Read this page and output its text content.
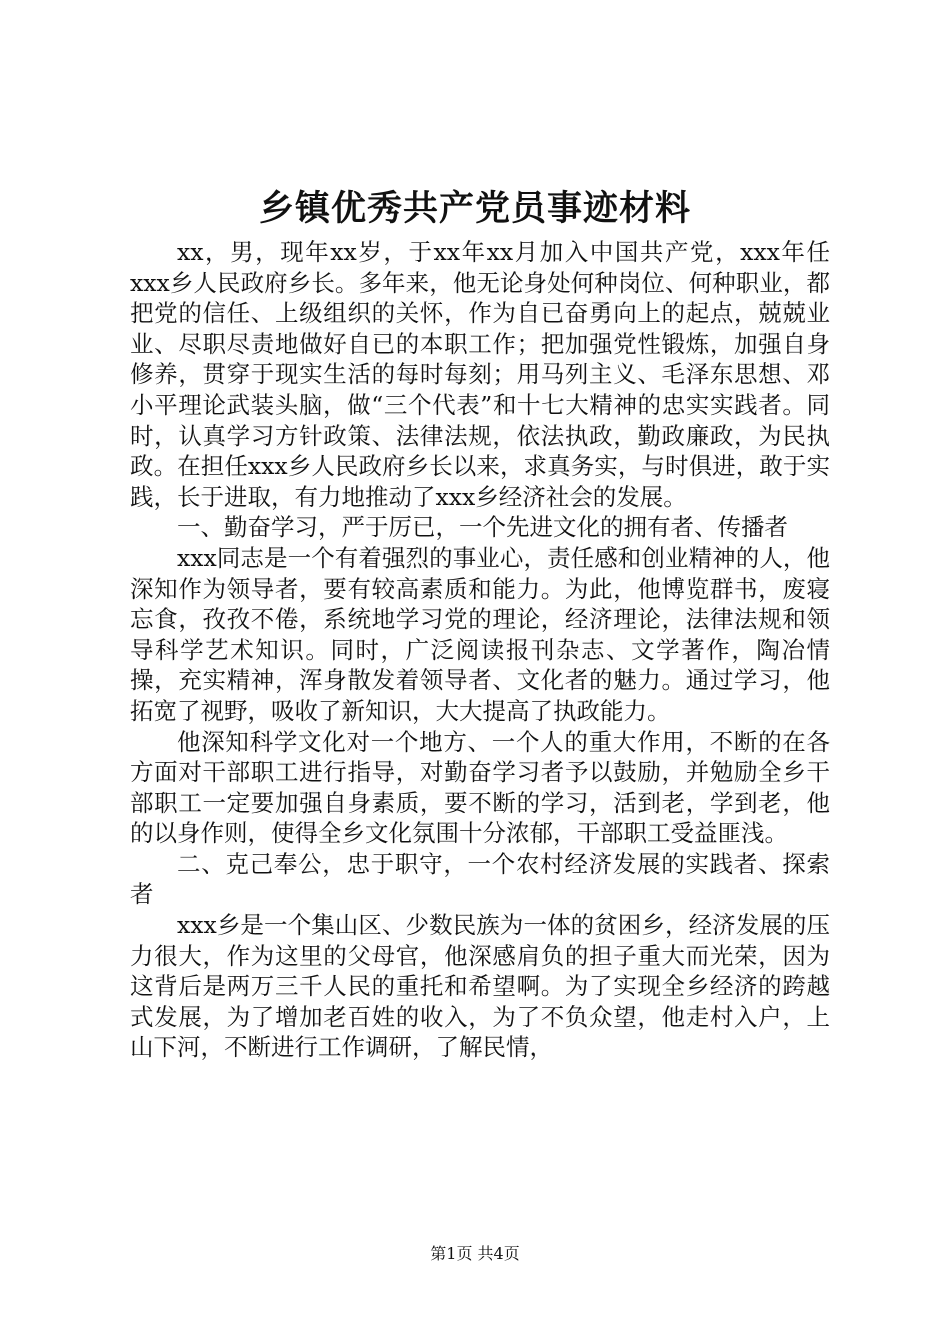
乡镇优秀共产党员事迹材料

xx，男，现年xx岁，于xx年xx月加入中国共产党，xxx年任xxx乡人民政府乡长。多年来，他无论身处何种岗位、何种职业，都把党的信任、上级组织的关怀，作为自已奋勇向上的起点，兢兢业业、尽职尽责地做好自已的本职工作；把加强党性锻炼，加强自身修养，贯穿于现实生活的每时每刻；用马列主义、毛泽东思想、邓小平理论武装头脑，做“三个代表”和十七大精神的忠实实践者。同时，认真学习方针政策、法律法规，依法执政，勤政廉政，为民执政。在担任xxx乡人民政府乡长以来，求真务实，与时俱进，敢于实践，长于进取，有力地推动了xxx乡经济社会的发展。

一、勤奋学习，严于厉已，一个先进文化的拥有者、传播者

xxx同志是一个有着强烈的事业心，责任感和创业精神的人，他深知作为领导者，要有较高素质和能力。为此，他博览群书，废寝忘食，孜孜不倦，系统地学习党的理论，经济理论，法律法规和领导科学艺术知识。同时，广泛阅读报刊杂志、文学著作，陶冶情操，充实精神，浑身散发着领导者、文化者的魅力。通过学习，他拓宽了视野，吸收了新知识，大大提高了执政能力。

他深知科学文化对一个地方、一个人的重大作用，不断的在各方面对干部职工进行指导，对勤奋学习者予以鼓励，并勉励全乡干部职工一定要加强自身素质，要不断的学习，活到老，学到老，他的以身作则，使得全乡文化氛围十分浓郁，干部职工受益匪浅。

二、克己奉公，忠于职守，一个农村经济发展的实践者、探索者

xxx乡是一个集山区、少数民族为一体的贫困乡，经济发展的压力很大，作为这里的父母官，他深感肩负的担子重大而光荣，因为这背后是两万三千人民的重托和希望啊。为了实现全乡经济的跨越式发展，为了增加老百姓的收入，为了不负众望，他走村入户，上山下河，不断进行工作调研，了解民情，

第1页 共4页
